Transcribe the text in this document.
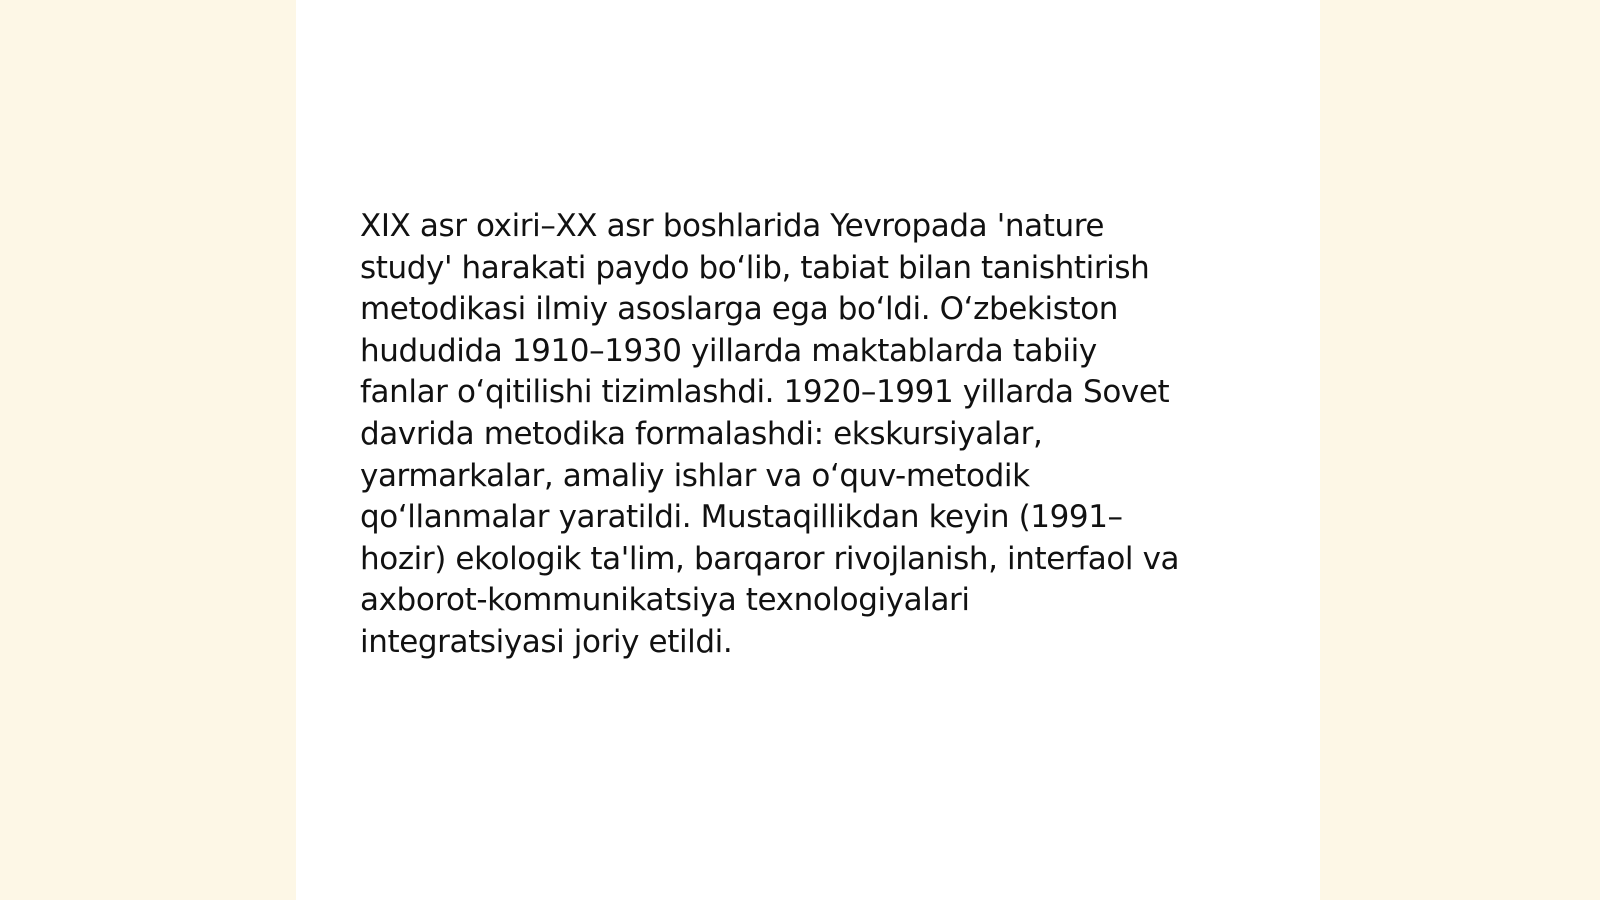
XIX asr oxiri–XX asr boshlarida Yevropada 'nature
study' harakati paydo boʻlib, tabiat bilan tanishtirish
metodikasi ilmiy asoslarga ega boʻldi. Oʻzbekiston
hududida 1910–1930 yillarda maktablarda tabiiy
fanlar oʻqitilishi tizimlashdi. 1920–1991 yillarda Sovet
davrida metodika formalashdi: ekskursiyalar,
yarmarkalar, amaliy ishlar va oʻquv-metodik
qoʻllanmalar yaratildi. Mustaqillikdan keyin (1991–
hozir) ekologik ta'lim, barqaror rivojlanish, interfaol va
axborot-kommunikatsiya texnologiyalari
integratsiyasi joriy etildi.
